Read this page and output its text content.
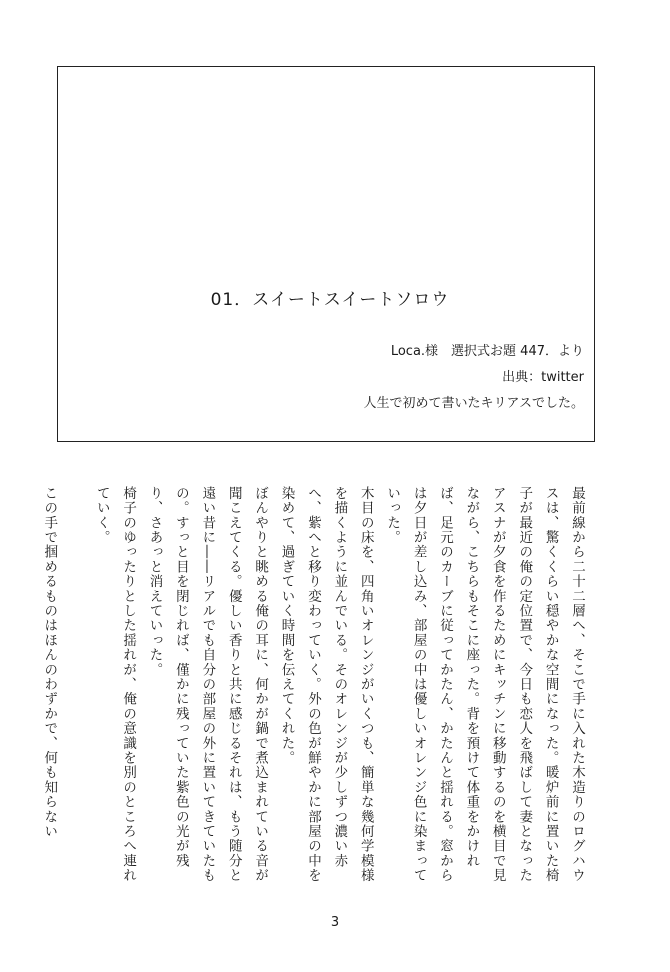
01．スイートスイートソロウ
Loca.様　選択式お題 447．より
出典：twitter
人生で初めて書いたキリアスでした。

最前線から二十二層へ、そこで手に入れた木造りのログハウスは、驚くくらい穏やかな空間になった。暖炉前に置いた椅子が最近の俺の定位置で、今日も恋人を飛ばして妻となったアスナが夕食を作るためにキッチンに移動するのを横目で見ながら、こちらもそこに座った。背を預けて体重をかければ、足元のカーブに従ってかたん、かたんと揺れる。窓からは夕日が差し込み、部屋の中は優しいオレンジ色に染まっていった。

木目の床を、四角いオレンジがいくつも、簡単な幾何学模様を描くように並んでいる。そのオレンジが少しずつ濃い赤へ、紫へと移り変わっていく。外の色が鮮やかに部屋の中を染めて、過ぎていく時間を伝えてくれた。

ぼんやりと眺める俺の耳に、何かが鍋で煮込まれている音が聞こえてくる。優しい香りと共に感じるそれは、もう随分と遠い昔に――リアルでも自分の部屋の外に置いてきていたもの。すっと目を閉じれば、僅かに残っていた紫色の光が残り、さあっと消えていった。

椅子のゆったりとした揺れが、俺の意識を別のところへ連れていく。

この手で掴めるものはほんのわずかで、何も知らない

3
